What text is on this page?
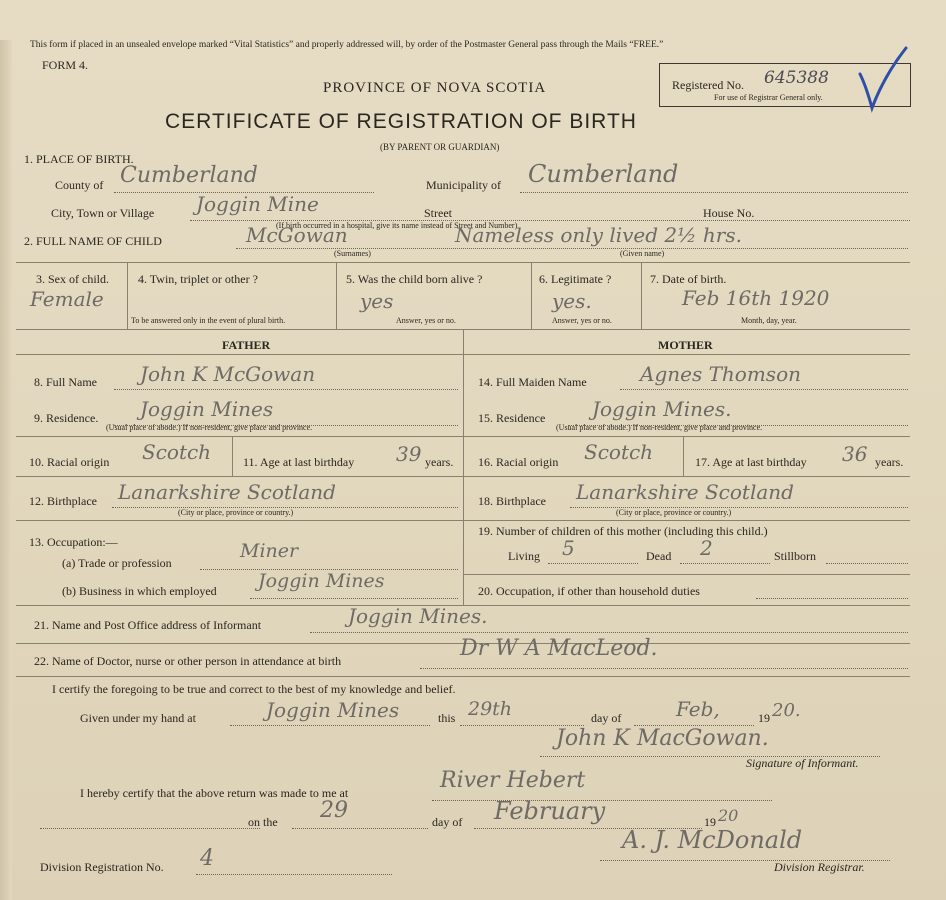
This form if placed in an unsealed envelope marked “Vital Statistics” and properly addressed will, by order of the Postmaster General pass through the Mails “FREE.”
FORM 4.
PROVINCE OF NOVA SCOTIA	Registered No. 645388
For use of Registrar General only.
CERTIFICATE OF REGISTRATION OF BIRTH
(BY PARENT OR GUARDIAN)
1. PLACE OF BIRTH.
County of Cumberland	Municipality of Cumberland
City, Town or Village Joggin Mine	Street	House No.
(If birth occurred in a hospital, give its name instead of Street and Number)
2. FULL NAME OF CHILD	McGowan	Nameless only lived 2½ hrs.
(Surnames)	(Given name)
3. Sex of child.
Female
4. Twin, triplet or other ?
To be answered only in the event of plural birth.
5. Was the child born alive ?
yes
Answer, yes or no.
6. Legitimate ?
yes.
Answer, yes or no.
7. Date of birth.
Feb 16th 1920
Month, day, year.
FATHER	MOTHER
8. Full Name John K McGowan
9. Residence. Joggin Mines
(Usual place of abode.) If non-resident, give place and province.
10. Racial origin Scotch	11. Age at last birthday 39 years.
12. Birthplace Lanarkshire Scotland
(City or place, province or country.)
13. Occupation:—
(a) Trade or profession
Miner
(b) Business in which employed Joggin Mines
14. Full Maiden Name	Agnes Thomson
15. Residence Joggin Mines.
(Usual place of abode.) If non-resident, give place and province.
16. Racial origin Scotch	17. Age at last birthday 36 years.
18. Birthplace Lanarkshire Scotland
(City or place, province or country.)
19. Number of children of this mother (including this child.)
Living 5	Dead 2	Stillborn
20. Occupation, if other than household duties
21. Name and Post Office address of Informant	Joggin Mines.
22. Name of Doctor, nurse or other person in attendance at birth	Dr W A MacLeod.
I certify the foregoing to be true and correct to the best of my knowledge and belief.
Given under my hand at	Joggin Mines	this 29th	day of	Feb,	19 20.
John K MacGowan.
Signature of Informant.
I hereby certify that the above return was made to me at	River Hebert
on the 29	day of February	19 20
A. J. McDonald
Division Registrar.
Division Registration No. 4
